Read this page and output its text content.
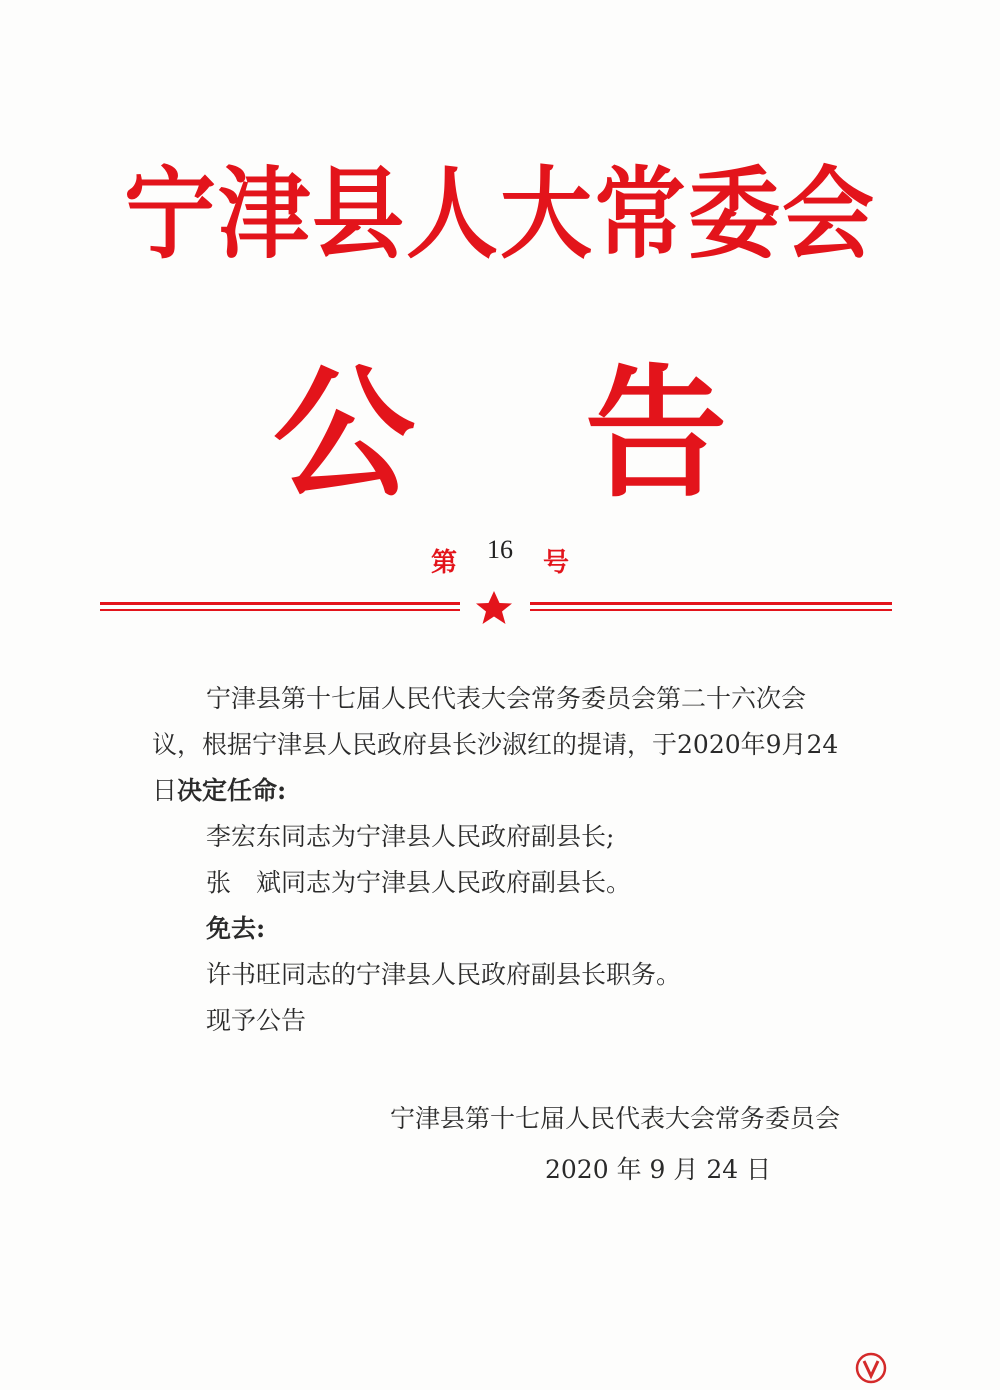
宁津县人大常委会
公 告
第 16 号

宁津县第十七届人民代表大会常务委员会第二十六次会议，根据宁津县人民政府县长沙淑红的提请，于2020年9月24日决定任命:

李宏东同志为宁津县人民政府副县长;

张　斌同志为宁津县人民政府副县长。

免去:

许书旺同志的宁津县人民政府副县长职务。

现予公告

宁津县第十七届人民代表大会常务委员会
2020 年 9 月 24 日
